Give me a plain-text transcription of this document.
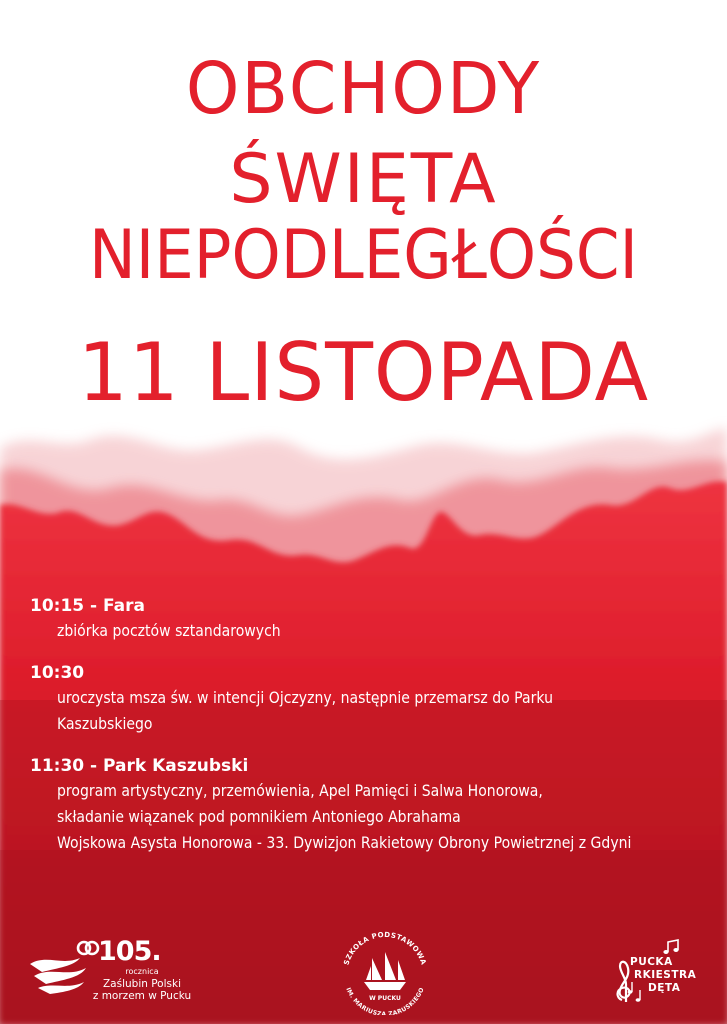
OBCHODY
ŚWIĘTA
NIEPODLEGŁOŚCI
11 LISTOPADA
10:15 - Fara
zbiórka pocztów sztandarowych
10:30
uroczysta msza św. w intencji Ojczyzny, następnie przemarsz do Parku
Kaszubskiego
11:30 - Park Kaszubski
program artystyczny, przemówienia, Apel Pamięci i Salwa Honorowa,
składanie wiązanek pod pomnikiem Antoniego Abrahama
Wojskowa Asysta Honorowa - 33. Dywizjon Rakietowy Obrony Powietrznej z Gdyni
105.
rocznica
Zaślubin Polski
z morzem w Pucku
SZKOŁA PODSTAWOWA
IM. MARIUSZA ZARUSKIEGO
W PUCKU
PUCKA
RKIESTRA
DĘTA
